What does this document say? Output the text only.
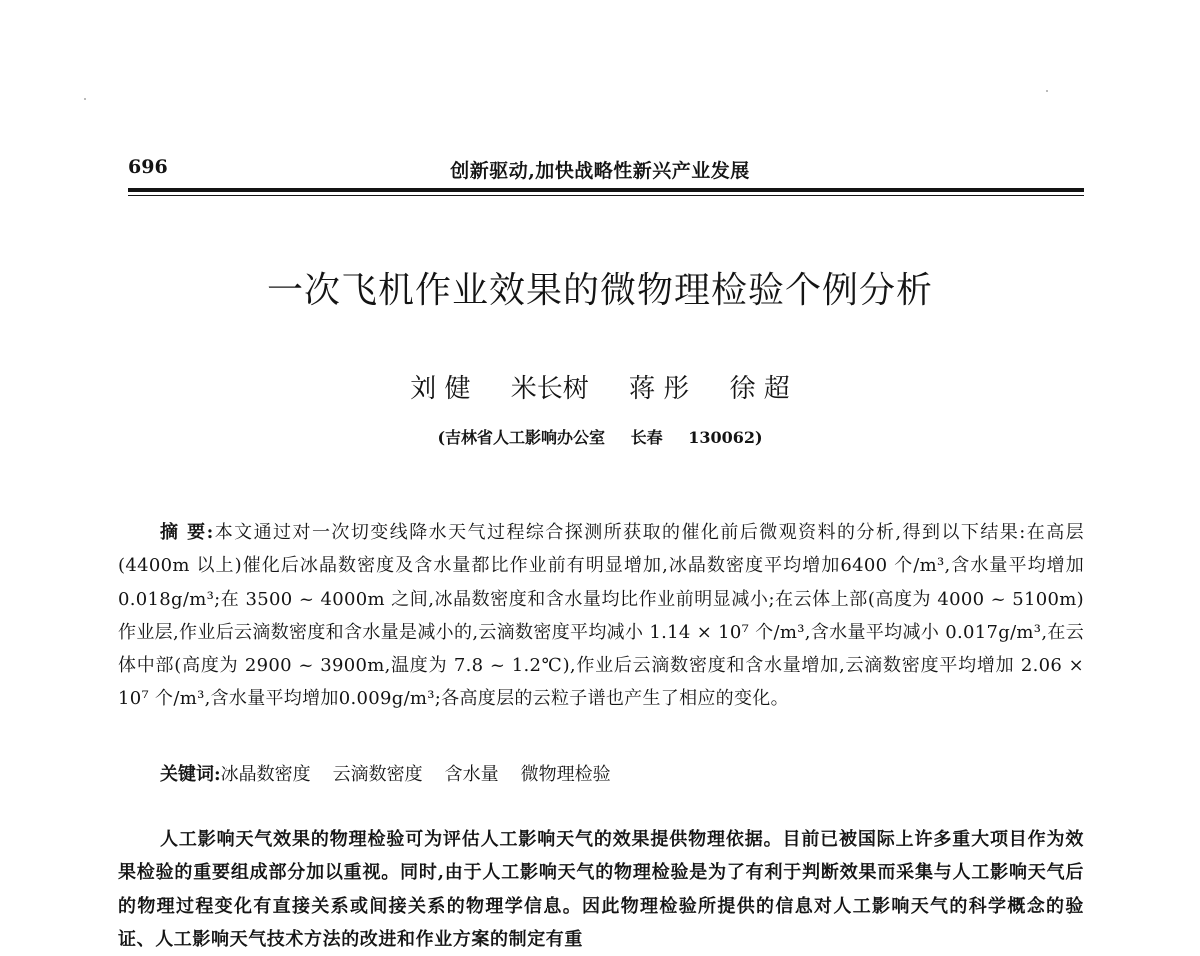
696	创新驱动,加快战略性新兴产业发展
一次飞机作业效果的微物理检验个例分析
刘 健 米长树 蒋 彤 徐 超
(吉林省人工影响办公室 长春 130062)
摘 要:本文通过对一次切变线降水天气过程综合探测所获取的催化前后微观资料的分析,得到以下结果:在高层(4400m 以上)催化后冰晶数密度及含水量都比作业前有明显增加,冰晶数密度平均增加6400 个/m³,含水量平均增加 0.018g/m³;在 3500 ~ 4000m 之间,冰晶数密度和含水量均比作业前明显减小;在云体上部(高度为 4000 ~ 5100m)作业层,作业后云滴数密度和含水量是减小的,云滴数密度平均减小 1.14 × 10⁷ 个/m³,含水量平均减小 0.017g/m³,在云体中部(高度为 2900 ~ 3900m,温度为 7.8 ~ 1.2℃),作业后云滴数密度和含水量增加,云滴数密度平均增加 2.06 × 10⁷ 个/m³,含水量平均增加0.009g/m³;各高度层的云粒子谱也产生了相应的变化。
关键词:冰晶数密度 云滴数密度 含水量 微物理检验
人工影响天气效果的物理检验可为评估人工影响天气的效果提供物理依据。目前已被国际上许多重大项目作为效果检验的重要组成部分加以重视。同时,由于人工影响天气的物理检验是为了有利于判断效果而采集与人工影响天气后的物理过程变化有直接关系或间接关系的物理学信息。因此物理检验所提供的信息对人工影响天气的科学概念的验证、人工影响天气技术方法的改进和作业方案的制定有重
